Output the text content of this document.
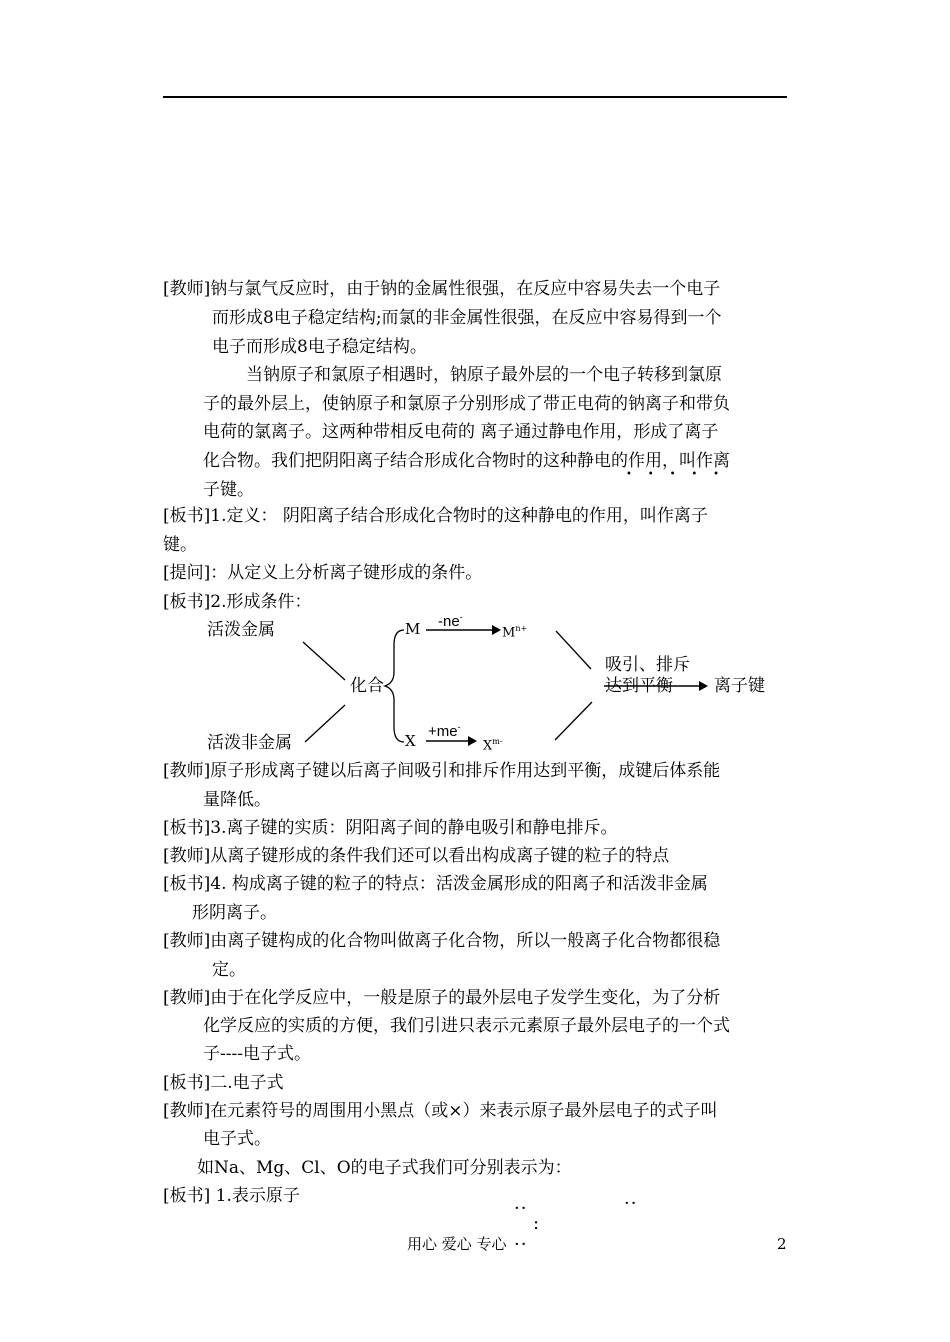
[教师]钠与氯气反应时，由于钠的金属性很强，在反应中容易失去一个电子
而形成8电子稳定结构;而氯的非金属性很强，在反应中容易得到一个
电子而形成8电子稳定结构。
当钠原子和氯原子相遇时，钠原子最外层的一个电子转移到氯原
子的最外层上，使钠原子和氯原子分别形成了带正电荷的钠离子和带负
电荷的氯离子。这两种带相反电荷的 离子通过静电作用，形成了离子
化合物。我们把阴阳离子结合形成化合物时的这种静电的作用，叫作离
•     •     •     •     •
子键。
[板书]1.定义： 阴阳离子结合形成化合物时的这种静电的作用，叫作离子
键。
[提问]：从定义上分析离子键形成的条件。
[板书]2.形成条件：
活泼金属
活泼非金属
化合
M
X
-ne-
+me-
$M^{n+}$
$X^{m-}$
吸引、排斥
达到平衡 离子键
[教师]原子形成离子键以后离子间吸引和排斥作用达到平衡，成键后体系能
量降低。
[板书]3.离子键的实质：阴阳离子间的静电吸引和静电排斥。
[教师]从离子键形成的条件我们还可以看出构成离子键的粒子的特点
[板书]4. 构成离子键的粒子的特点：活泼金属形成的阳离子和活泼非金属
形阴离子。
[教师]由离子键构成的化合物叫做离子化合物，所以一般离子化合物都很稳
定。
[教师]由于在化学反应中，一般是原子的最外层电子发学生变化，为了分析
化学反应的实质的方便，我们引进只表示元素原子最外层电子的一个式
子----电子式。
[板书]二.电子式
[教师]在元素符号的周围用小黑点（或×）来表示原子最外层电子的式子叫
电子式。
如Na、Mg、Cl、O的电子式我们可分别表示为：
[板书] 1.表示原子
··
:
··
··
用心 爱心 专心	2
